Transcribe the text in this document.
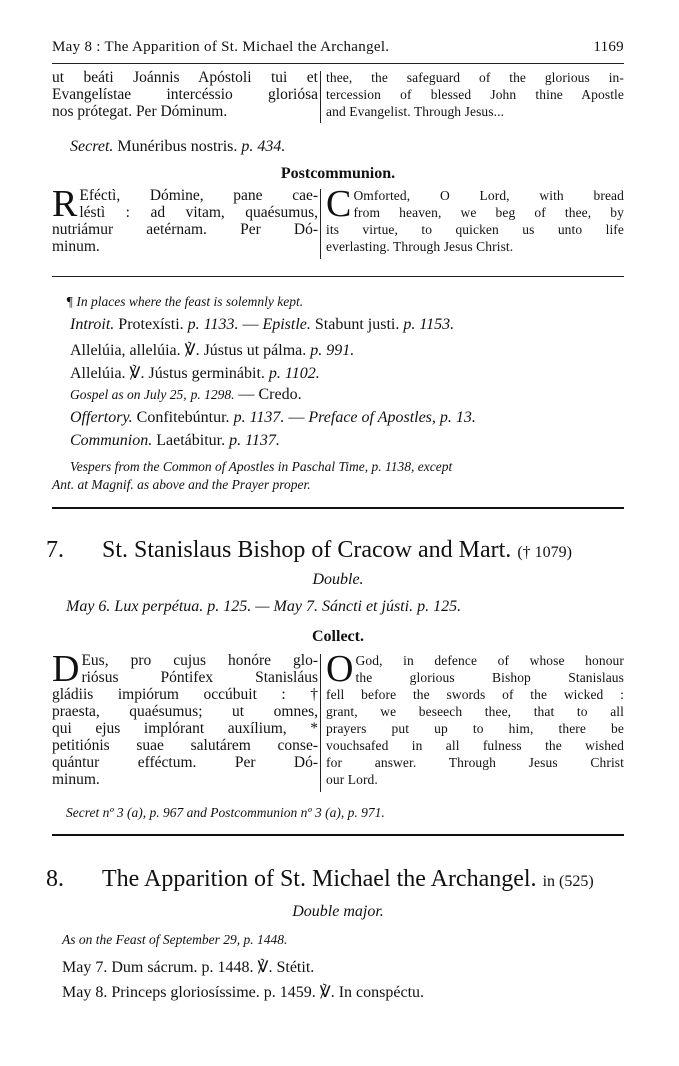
May 8 : The Apparition of St. Michael the Archangel.	1169
ut beáti Joánnis Apóstoli tui et
Evangelístae intercéssio gloriósa
nos prótegat. Per Dóminum.
thee, the safeguard of the glorious in-
tercession of blessed John thine Apostle
and Evangelist. Through Jesus...
Secret. Munéribus nostris. p. 434.
Postcommunion.
R Eféctì, Dómine, pane cae-
léstì : ad vitam, quaésumus,
nutriámur aetérnam. Per Dó-
minum.
C Omforted, O Lord, with bread
from heaven, we beg of thee, by
its virtue, to quicken us unto life
everlasting. Through Jesus Christ.
¶ In places where the feast is solemnly kept.
Introit. Protexísti. p. 1133. — Epistle. Stabunt justi. p. 1153.
Allelúia, allelúia. ℣. Jústus ut pálma. p. 991.
Allelúia. ℣. Jústus germinábit. p. 1102.
Gospel as on July 25, p. 1298. — Credo.
Offertory. Confitebúntur. p. 1137. — Preface of Apostles, p. 13.
Communion. Laetábitur. p. 1137.
Vespers from the Common of Apostles in Paschal Time, p. 1138, except
Ant. at Magnif. as above and the Prayer proper.
7. St. Stanislaus Bishop of Cracow and Mart. († 1079)
Double.
May 6. Lux perpétua. p. 125. — May 7. Sáncti et jústi. p. 125.
Collect.
D Eus, pro cujus honóre glo-
riósus Póntifex Stanisláus
gládiis impiórum occúbuit : †
praesta, quaésumus; ut omnes,
qui ejus implórant auxílium, *
petitiónis suae salutárem conse-
quántur efféctum. Per Dó-
minum.
O God, in defence of whose honour
the glorious Bishop Stanislaus
fell before the swords of the wicked :
grant, we beseech thee, that to all
prayers put up to him, there be
vouchsafed in all fulness the wished
for answer. Through Jesus Christ
our Lord.
Secret nº 3 (a), p. 967 and Postcommunion nº 3 (a), p. 971.
8. The Apparition of St. Michael the Archangel. in (525)
Double major.
As on the Feast of September 29, p. 1448.
May 7. Dum sácrum. p. 1448. ℣. Stétit.
May 8. Princeps gloriosíssime. p. 1459. ℣. In conspéctu.
